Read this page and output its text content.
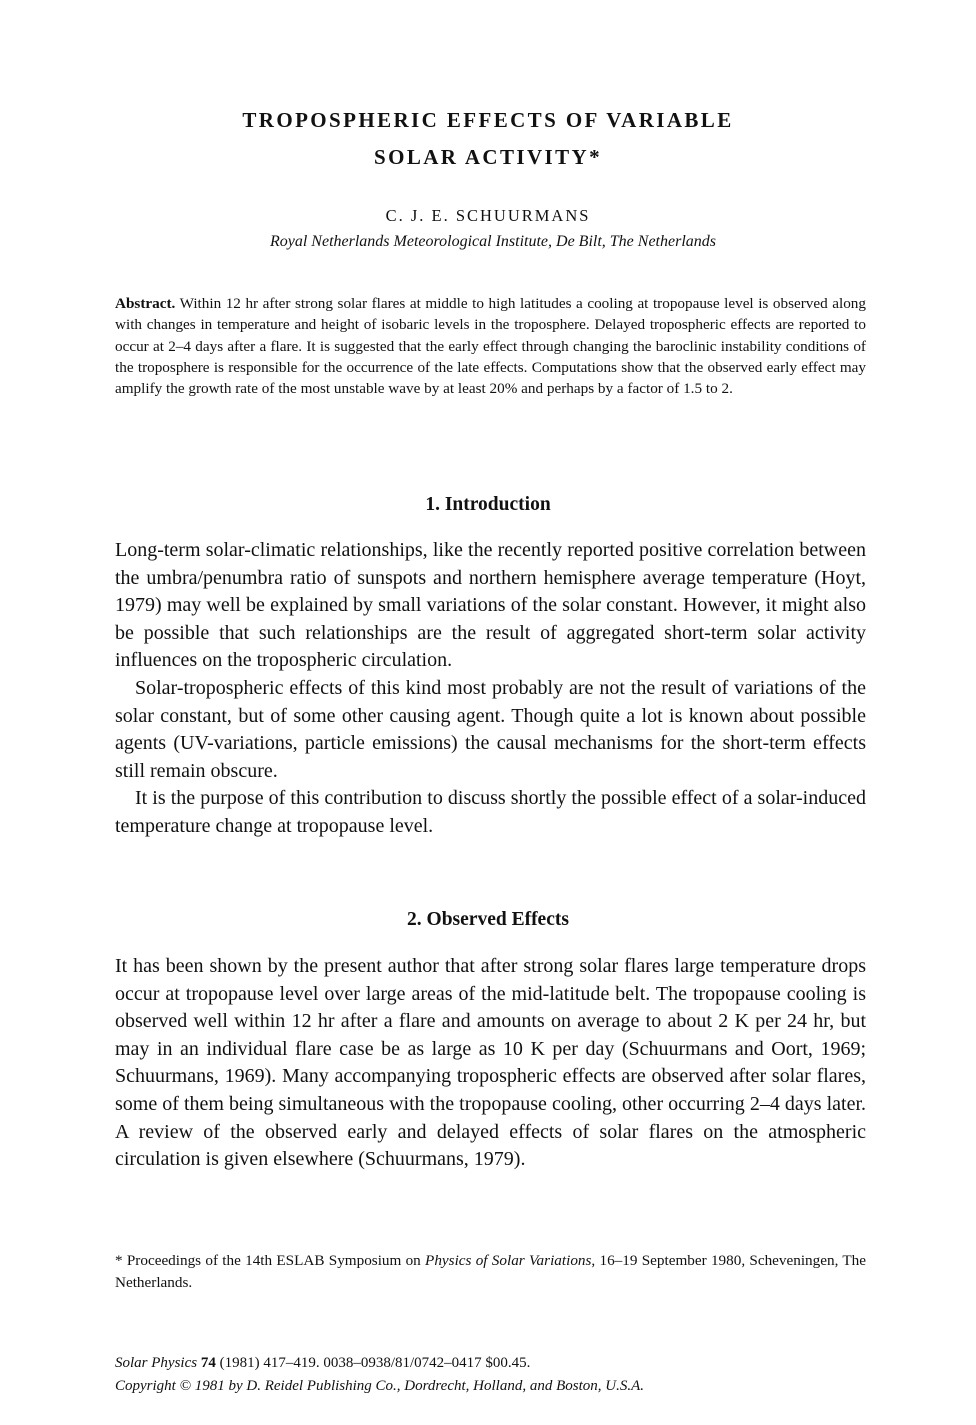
TROPOSPHERIC EFFECTS OF VARIABLE
SOLAR ACTIVITY*

C. J. E. SCHUURMANS

Royal Netherlands Meteorological Institute, De Bilt, The Netherlands

Abstract. Within 12 hr after strong solar flares at middle to high latitudes a cooling at tropopause level is observed along with changes in temperature and height of isobaric levels in the troposphere. Delayed tropospheric effects are reported to occur at 2–4 days after a flare. It is suggested that the early effect through changing the baroclinic instability conditions of the troposphere is responsible for the occurrence of the late effects. Computations show that the observed early effect may amplify the growth rate of the most unstable wave by at least 20% and perhaps by a factor of 1.5 to 2.

1. Introduction

Long-term solar-climatic relationships, like the recently reported positive correlation between the umbra/penumbra ratio of sunspots and northern hemisphere average temperature (Hoyt, 1979) may well be explained by small variations of the solar constant. However, it might also be possible that such relationships are the result of aggregated short-term solar activity influences on the tropospheric circulation.

Solar-tropospheric effects of this kind most probably are not the result of variations of the solar constant, but of some other causing agent. Though quite a lot is known about possible agents (UV-variations, particle emissions) the causal mechanisms for the short-term effects still remain obscure.

It is the purpose of this contribution to discuss shortly the possible effect of a solar-induced temperature change at tropopause level.

2. Observed Effects

It has been shown by the present author that after strong solar flares large temperature drops occur at tropopause level over large areas of the mid-latitude belt. The tropopause cooling is observed well within 12 hr after a flare and amounts on average to about 2 K per 24 hr, but may in an individual flare case be as large as 10 K per day (Schuurmans and Oort, 1969; Schuurmans, 1969). Many accompanying tropospheric effects are observed after solar flares, some of them being simultaneous with the tropopause cooling, other occurring 2–4 days later. A review of the observed early and delayed effects of solar flares on the atmospheric circulation is given elsewhere (Schuurmans, 1979).

* Proceedings of the 14th ESLAB Symposium on Physics of Solar Variations, 16–19 September 1980, Scheveningen, The Netherlands.

Solar Physics 74 (1981) 417–419. 0038–0938/81/0742–0417 $00.45.
Copyright © 1981 by D. Reidel Publishing Co., Dordrecht, Holland, and Boston, U.S.A.
